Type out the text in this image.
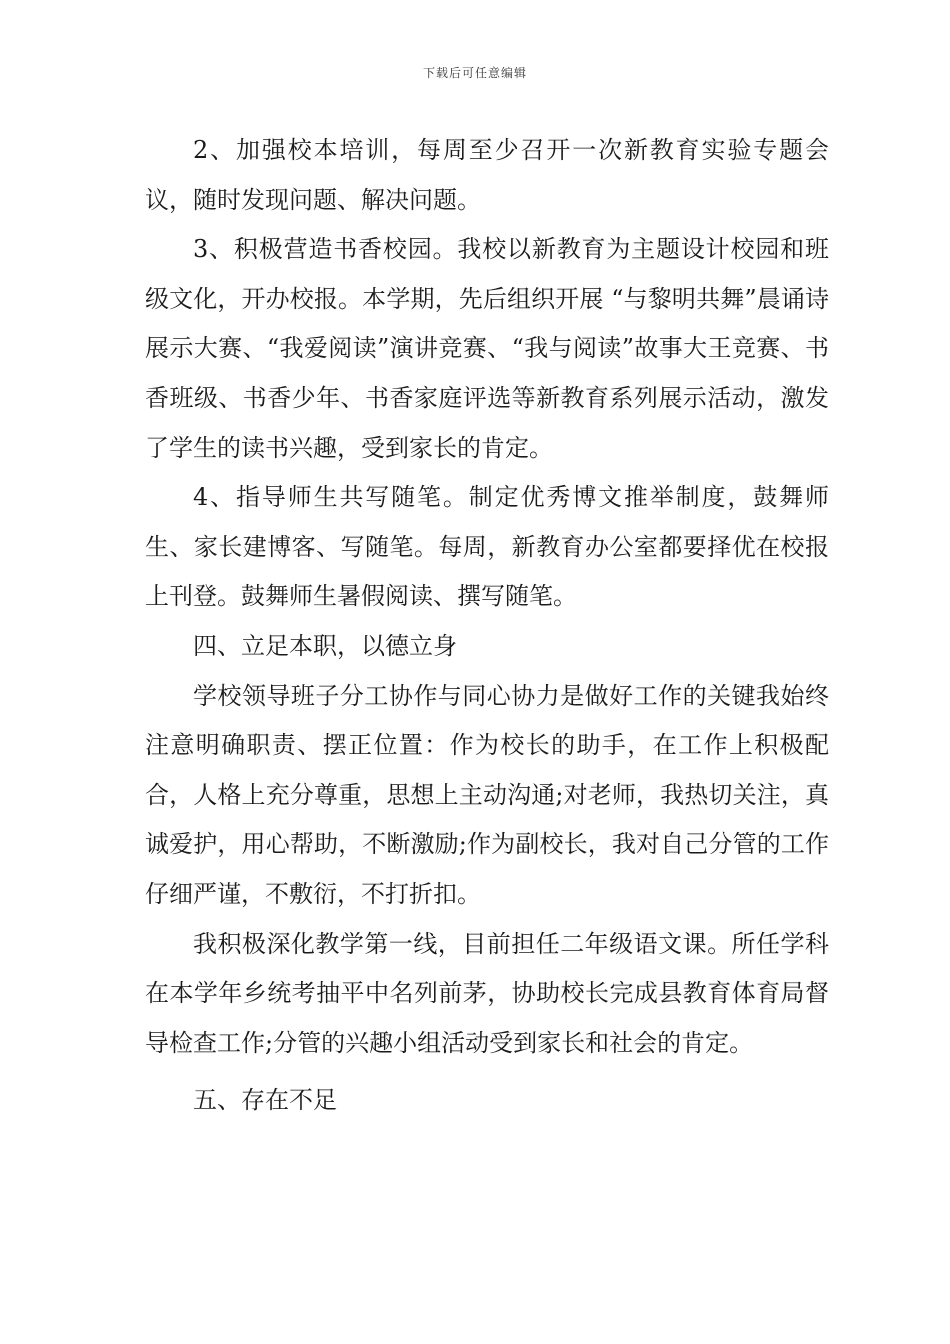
下载后可任意编辑

2、加强校本培训，每周至少召开一次新教育实验专题会议，随时发现问题、解决问题。

3、积极营造书香校园。我校以新教育为主题设计校园和班级文化，开办校报。本学期，先后组织开展 “与黎明共舞”晨诵诗展示大赛、“我爱阅读”演讲竞赛、“我与阅读”故事大王竞赛、书香班级、书香少年、书香家庭评选等新教育系列展示活动，激发了学生的读书兴趣，受到家长的肯定。

4、指导师生共写随笔。制定优秀博文推举制度，鼓舞师生、家长建博客、写随笔。每周，新教育办公室都要择优在校报上刊登。鼓舞师生暑假阅读、撰写随笔。

四、立足本职，以德立身

学校领导班子分工协作与同心协力是做好工作的关键我始终注意明确职责、摆正位置：作为校长的助手，在工作上积极配合，人格上充分尊重，思想上主动沟通;对老师，我热切关注，真诚爱护，用心帮助，不断激励;作为副校长，我对自己分管的工作仔细严谨，不敷衍，不打折扣。

我积极深化教学第一线，目前担任二年级语文课。所任学科在本学年乡统考抽平中名列前茅，协助校长完成县教育体育局督导检查工作;分管的兴趣小组活动受到家长和社会的肯定。

五、存在不足
